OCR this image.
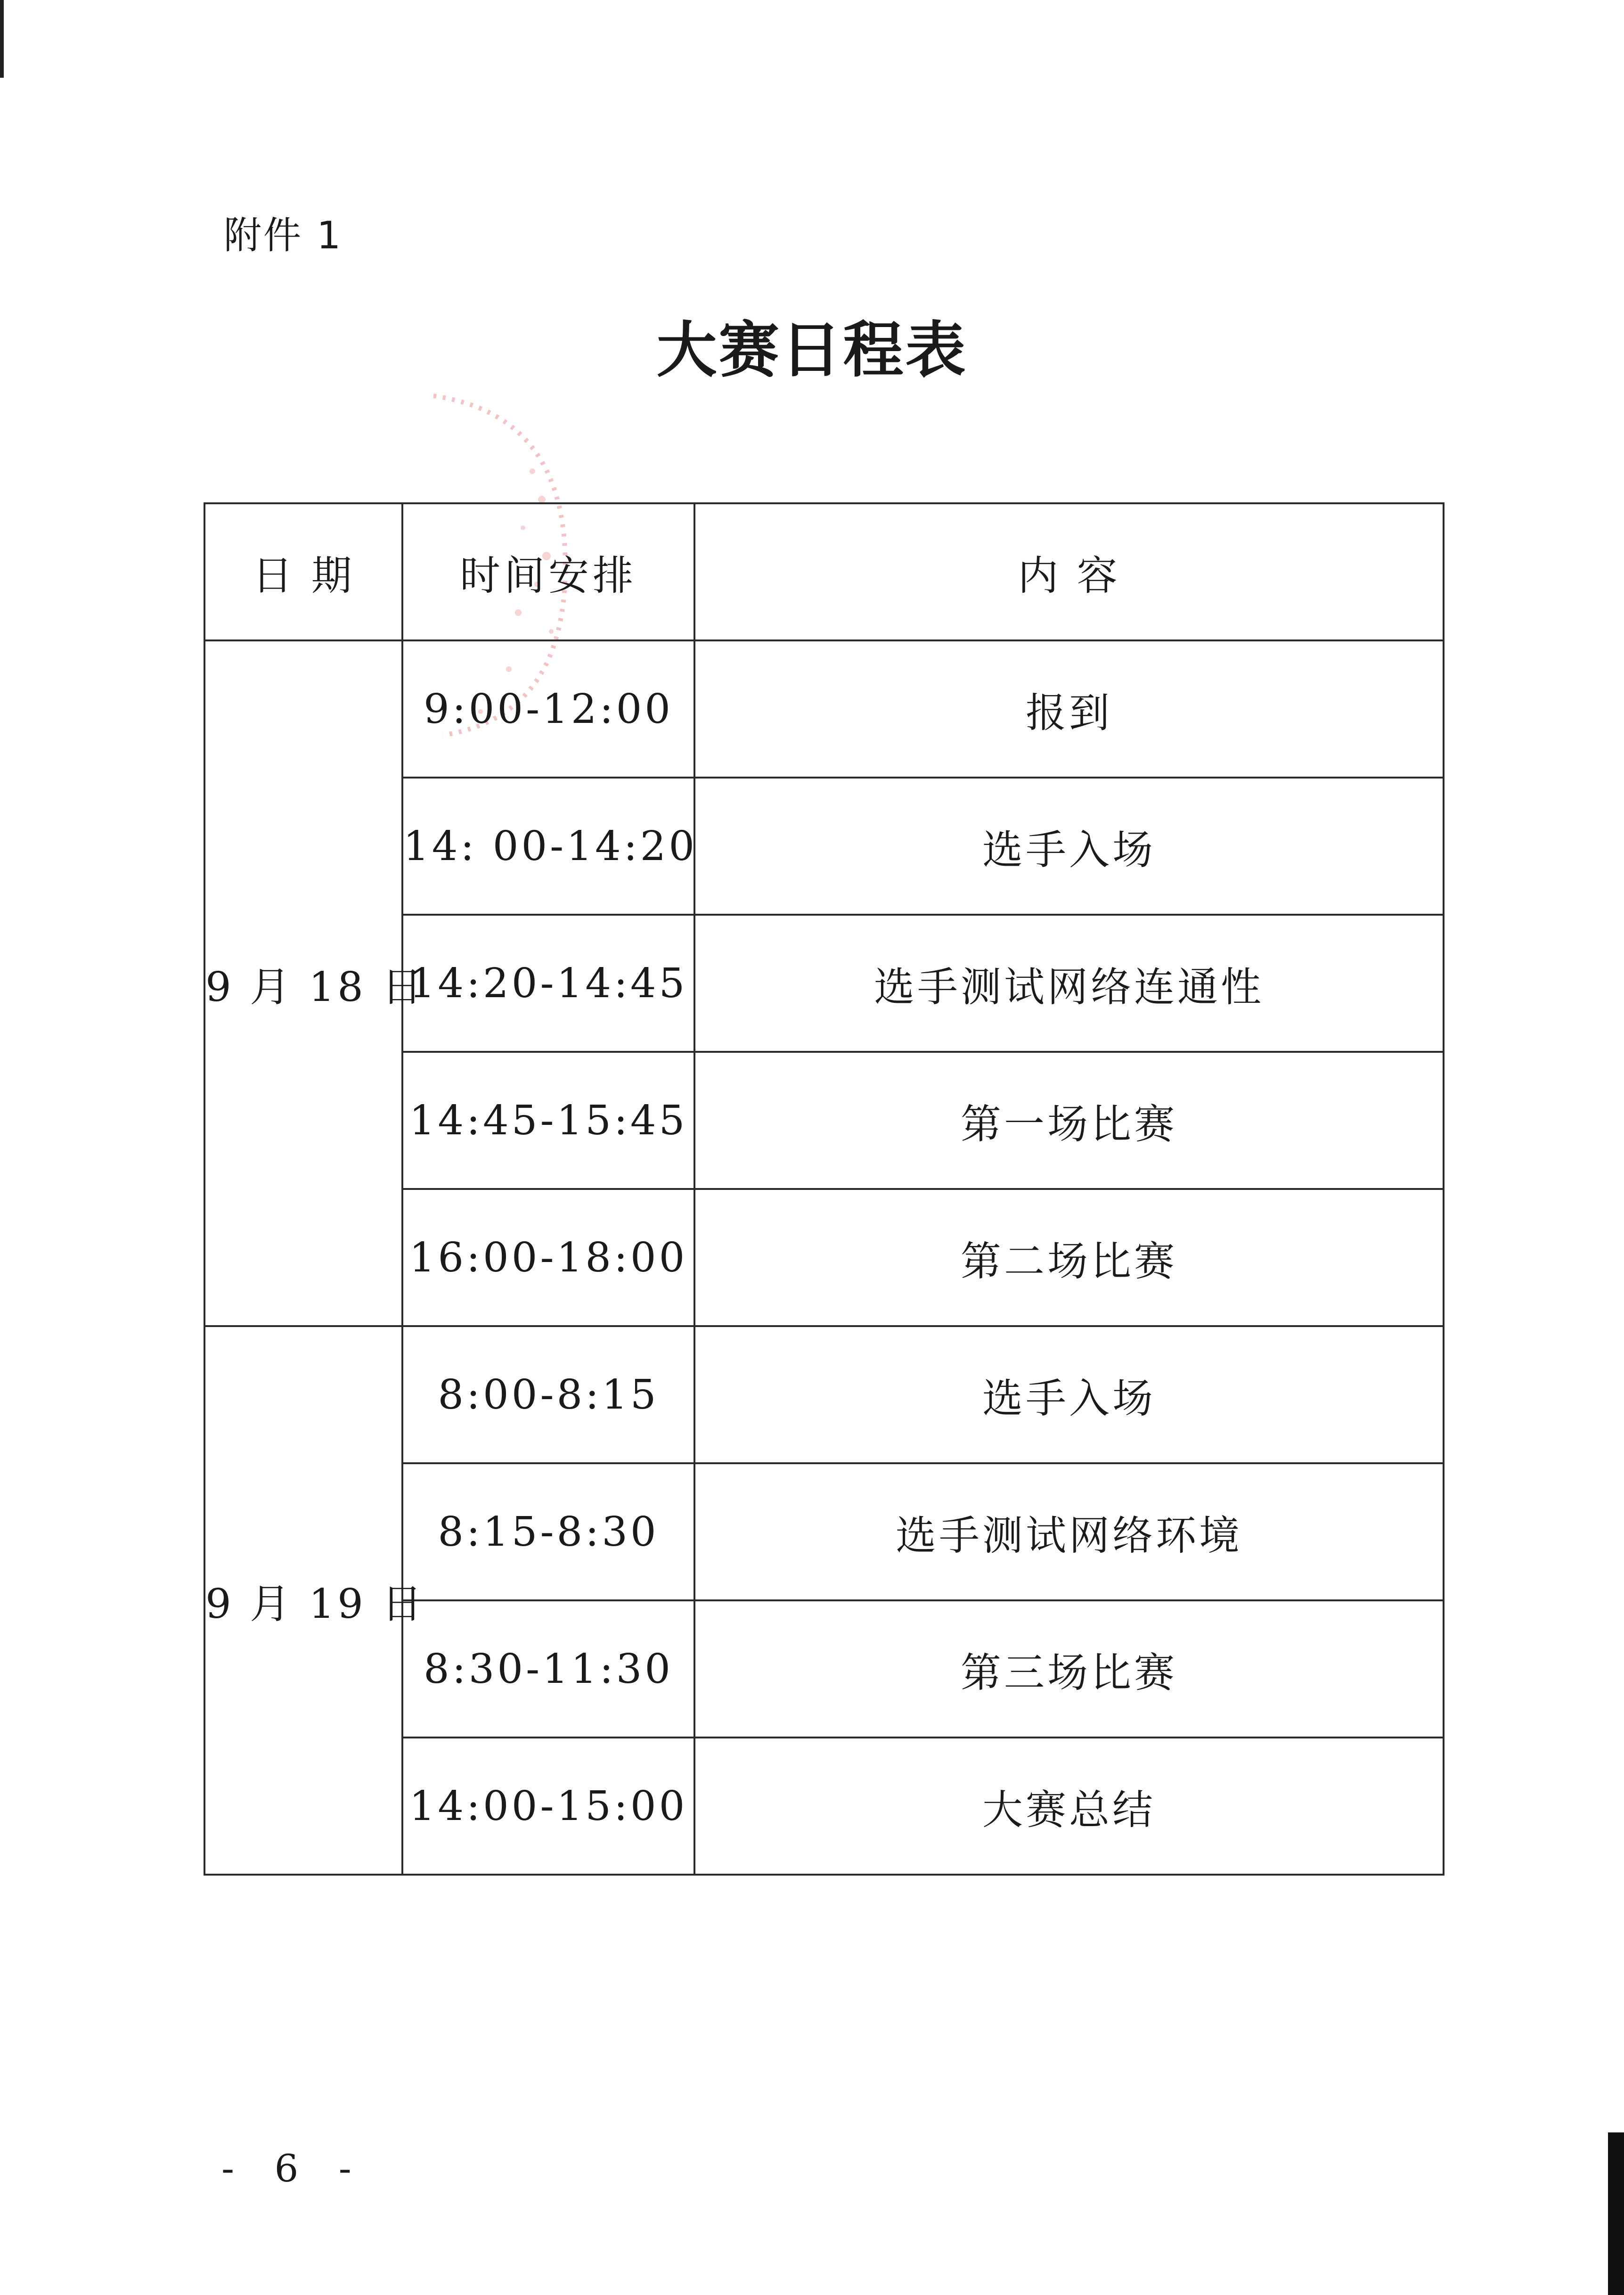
附件 1
大赛日程表
日 期	时间安排	内 容
9 月 18 日	9:00-12:00	报到
	14: 00-14:20	选手入场
	14:20-14:45	选手测试网络连通性
	14:45-15:45	第一场比赛
	16:00-18:00	第二场比赛
9 月 19 日	8:00-8:15	选手入场
	8:15-8:30	选手测试网络环境
	8:30-11:30	第三场比赛
	14:00-15:00	大赛总结
- 6 -
